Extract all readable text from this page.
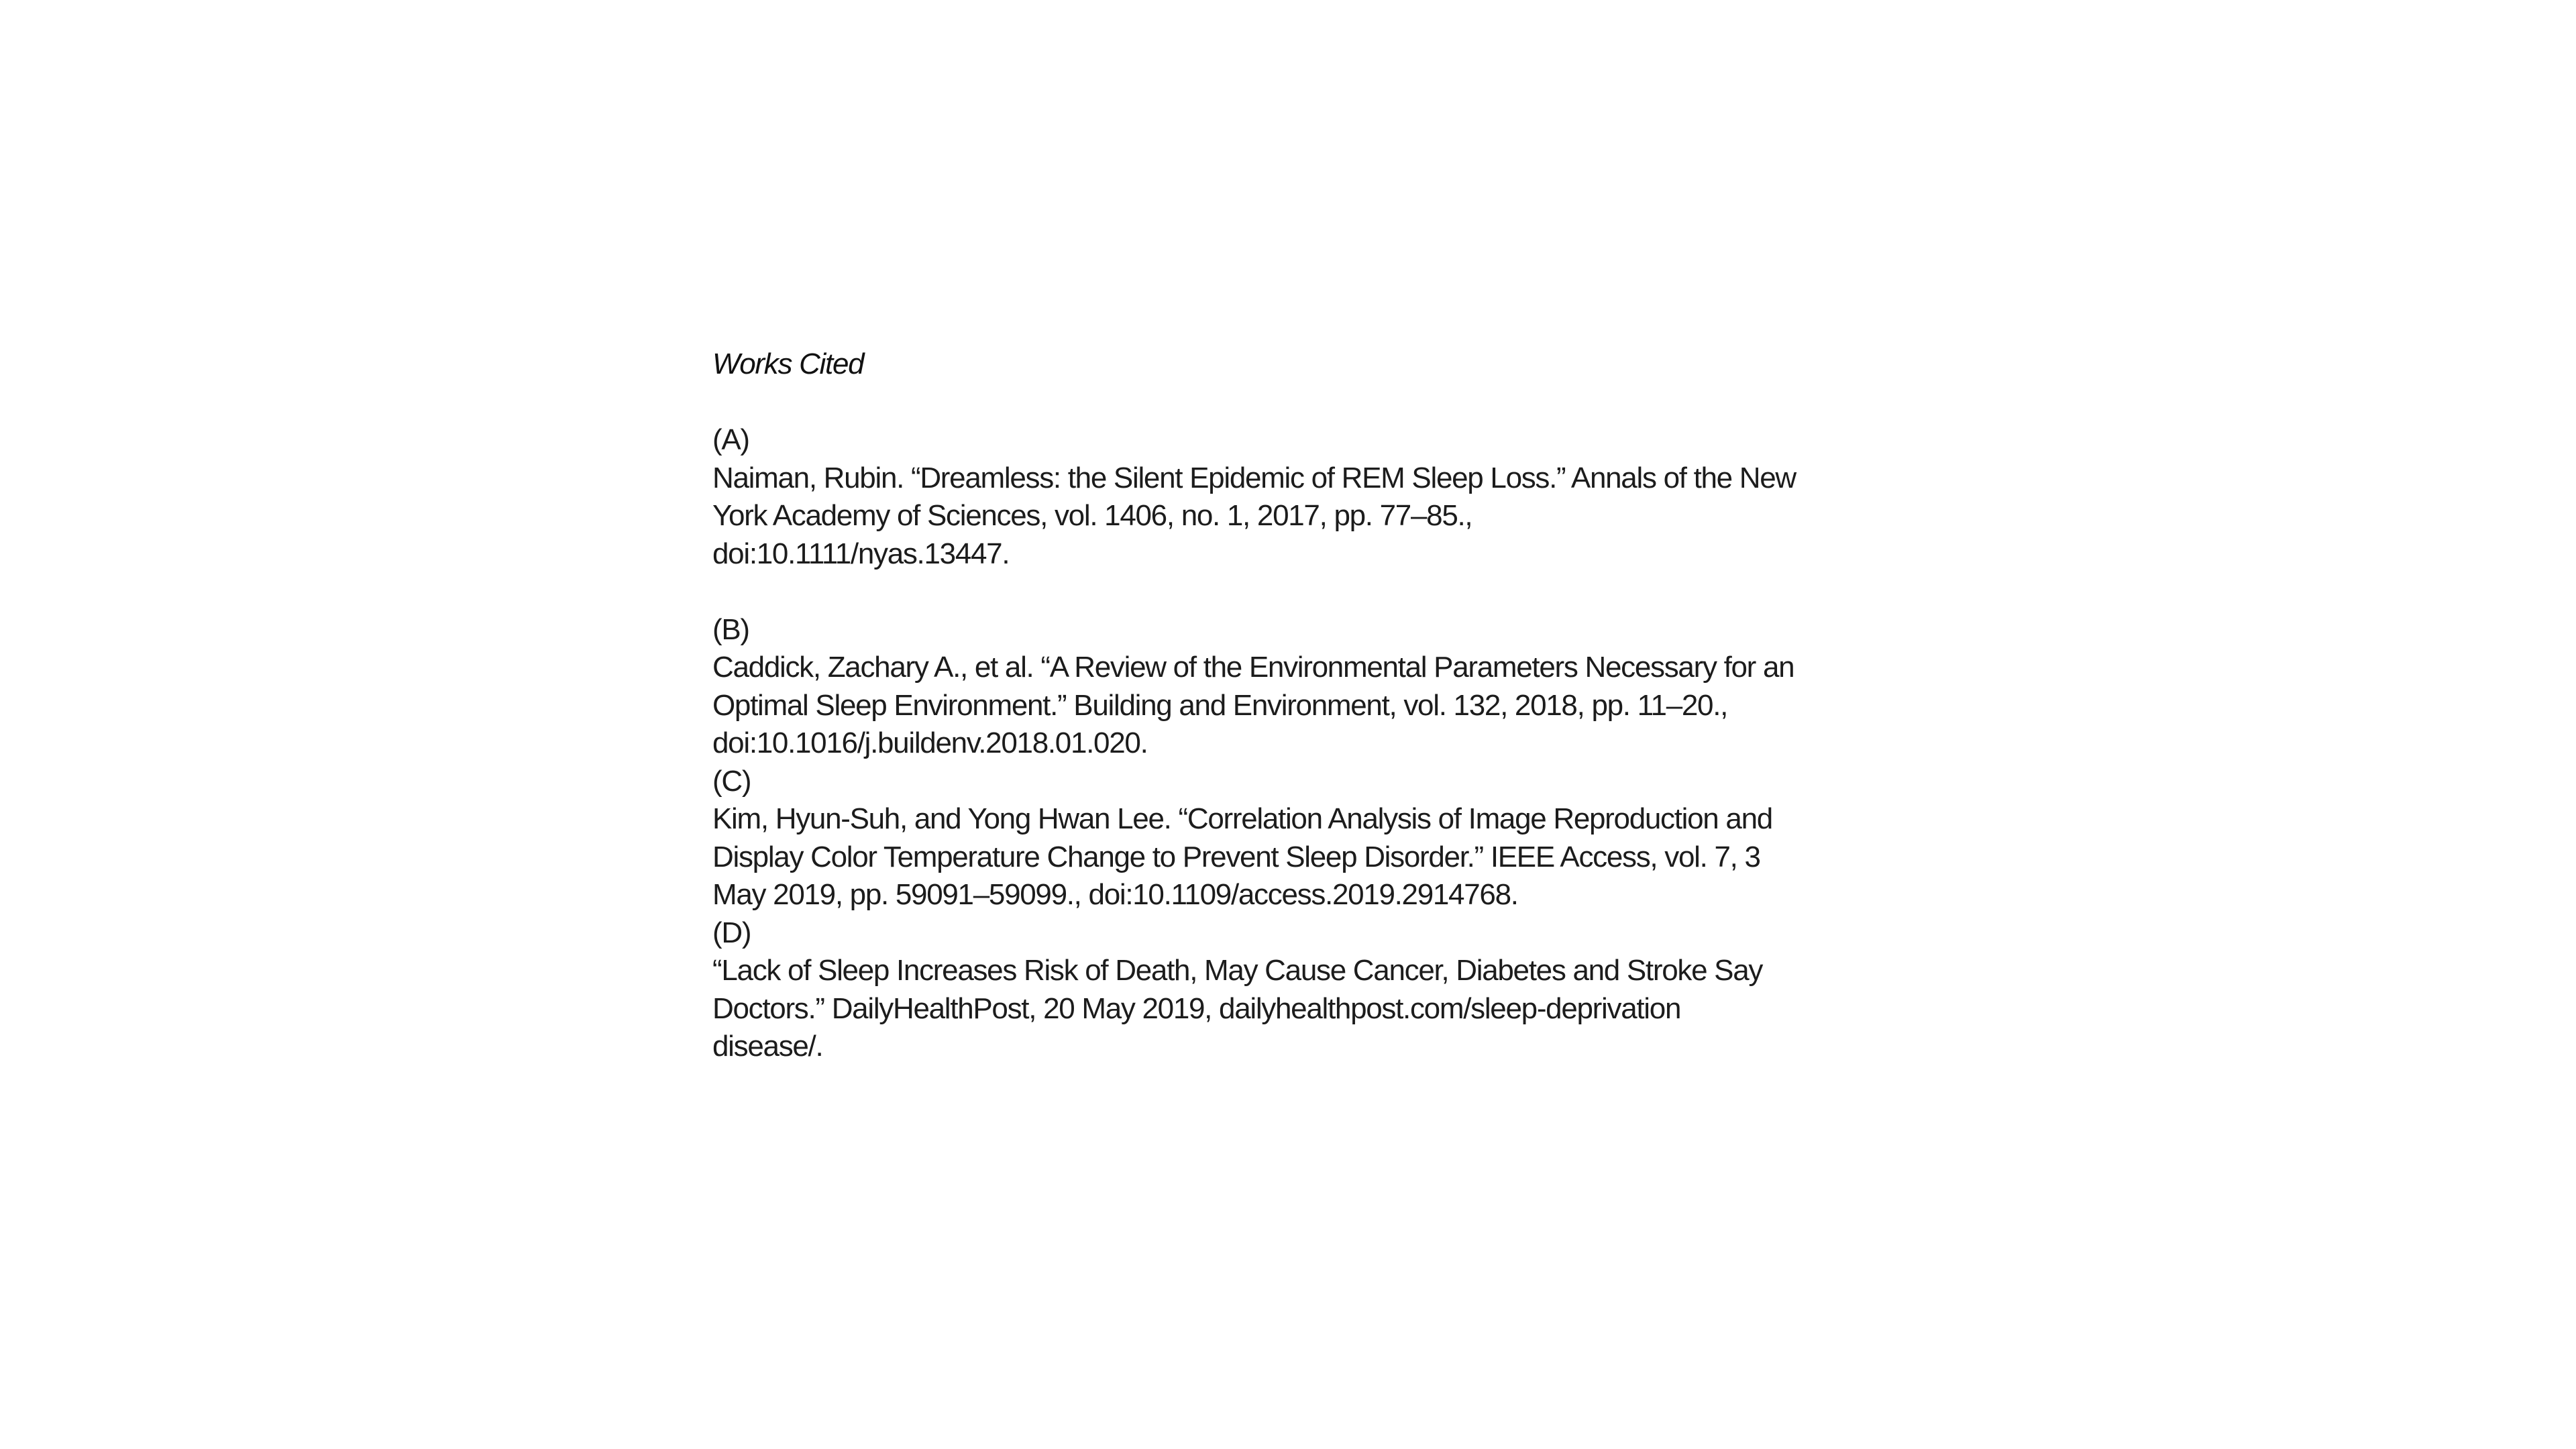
Works Cited

(A)

Naiman, Rubin. “Dreamless: the Silent Epidemic of REM Sleep Loss.” Annals of the New
York Academy of Sciences, vol. 1406, no. 1, 2017, pp. 77–85.,
doi:10.1111/nyas.13447.

(B)

Caddick, Zachary A., et al. “A Review of the Environmental Parameters Necessary for an
Optimal Sleep Environment.” Building and Environment, vol. 132, 2018, pp. 11–20.,
doi:10.1016/j.buildenv.2018.01.020.

(C)

Kim, Hyun-Suh, and Yong Hwan Lee. “Correlation Analysis of Image Reproduction and
Display Color Temperature Change to Prevent Sleep Disorder.” IEEE Access, vol. 7, 3
May 2019, pp. 59091–59099., doi:10.1109/access.2019.2914768.

(D)

“Lack of Sleep Increases Risk of Death, May Cause Cancer, Diabetes and Stroke Say
Doctors.” DailyHealthPost, 20 May 2019, dailyhealthpost.com/sleep-deprivation
disease/.
